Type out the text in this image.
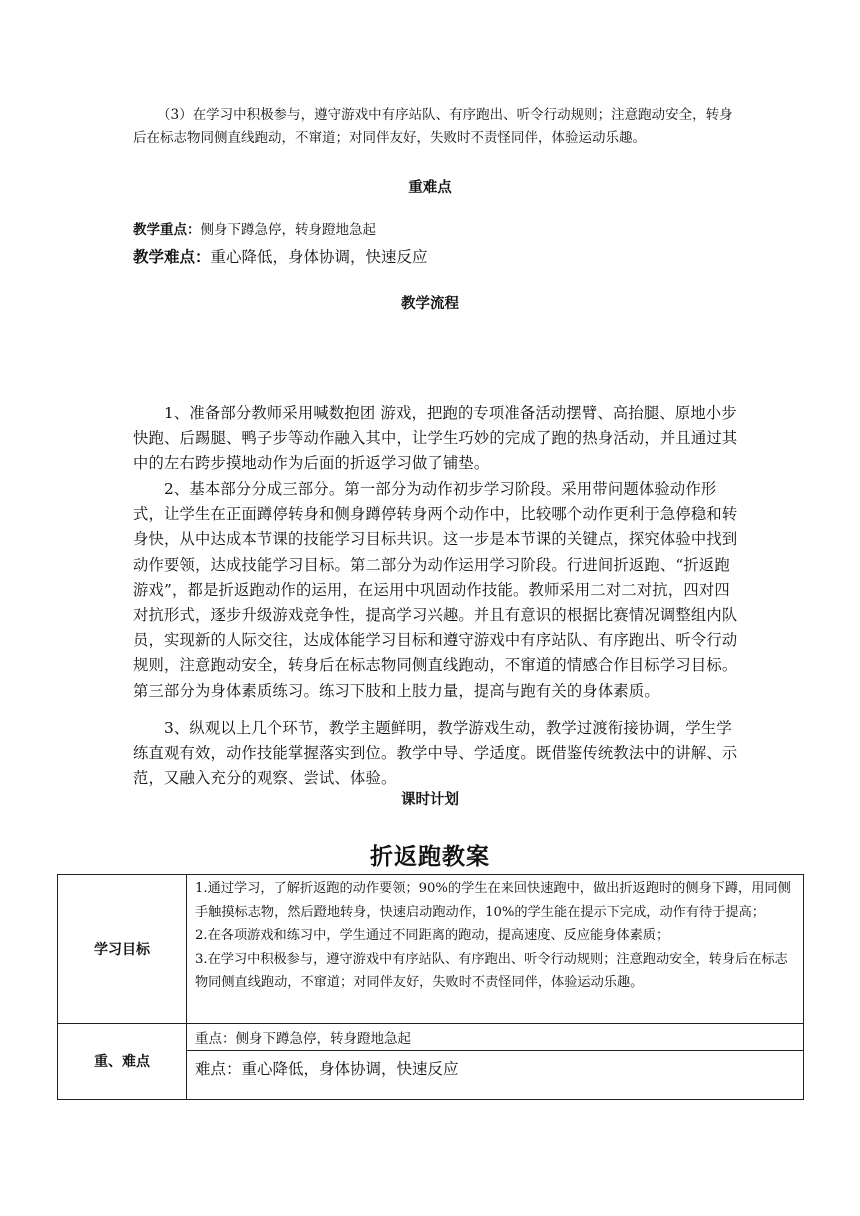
（3）在学习中积极参与，遵守游戏中有序站队、有序跑出、听令行动规则；注意跑动安全，转身后在标志物同侧直线跑动，不窜道；对同伴友好，失败时不责怪同伴，体验运动乐趣。

重难点

教学重点：侧身下蹲急停，转身蹬地急起

教学难点：重心降低，身体协调，快速反应

教学流程

1、准备部分教师采用喊数抱团 游戏，把跑的专项准备活动摆臂、高抬腿、原地小步快跑、后踢腿、鸭子步等动作融入其中，让学生巧妙的完成了跑的热身活动，并且通过其中的左右跨步摸地动作为后面的折返学习做了铺垫。

2、基本部分分成三部分。第一部分为动作初步学习阶段。采用带问题体验动作形式，让学生在正面蹲停转身和侧身蹲停转身两个动作中，比较哪个动作更利于急停稳和转身快，从中达成本节课的技能学习目标共识。这一步是本节课的关键点，探究体验中找到动作要领，达成技能学习目标。第二部分为动作运用学习阶段。行进间折返跑、“折返跑游戏”，都是折返跑动作的运用，在运用中巩固动作技能。教师采用二对二对抗，四对四对抗形式，逐步升级游戏竞争性，提高学习兴趣。并且有意识的根据比赛情况调整组内队员，实现新的人际交往，达成体能学习目标和遵守游戏中有序站队、有序跑出、听令行动规则，注意跑动安全，转身后在标志物同侧直线跑动，不窜道的情感合作目标学习目标。第三部分为身体素质练习。练习下肢和上肢力量，提高与跑有关的身体素质。

3、纵观以上几个环节，教学主题鲜明，教学游戏生动，教学过渡衔接协调，学生学练直观有效，动作技能掌握落实到位。教学中导、学适度。既借鉴传统教法中的讲解、示范，又融入充分的观察、尝试、体验。

课时计划
折返跑教案
学习目标	1.通过学习，了解折返跑的动作要领；90%的学生在来回快速跑中，做出折返跑时的侧身下蹲，用同侧手触摸标志物，然后蹬地转身，快速启动跑动作，10%的学生能在提示下完成，动作有待于提高；
2.在各项游戏和练习中，学生通过不同距离的跑动，提高速度、反应能身体素质；
3.在学习中积极参与，遵守游戏中有序站队、有序跑出、听令行动规则；注意跑动安全，转身后在标志物同侧直线跑动，不窜道；对同伴友好，失败时不责怪同伴，体验运动乐趣。

重、难点	重点：侧身下蹲急停，转身蹬地急起
	难点：重心降低，身体协调，快速反应
